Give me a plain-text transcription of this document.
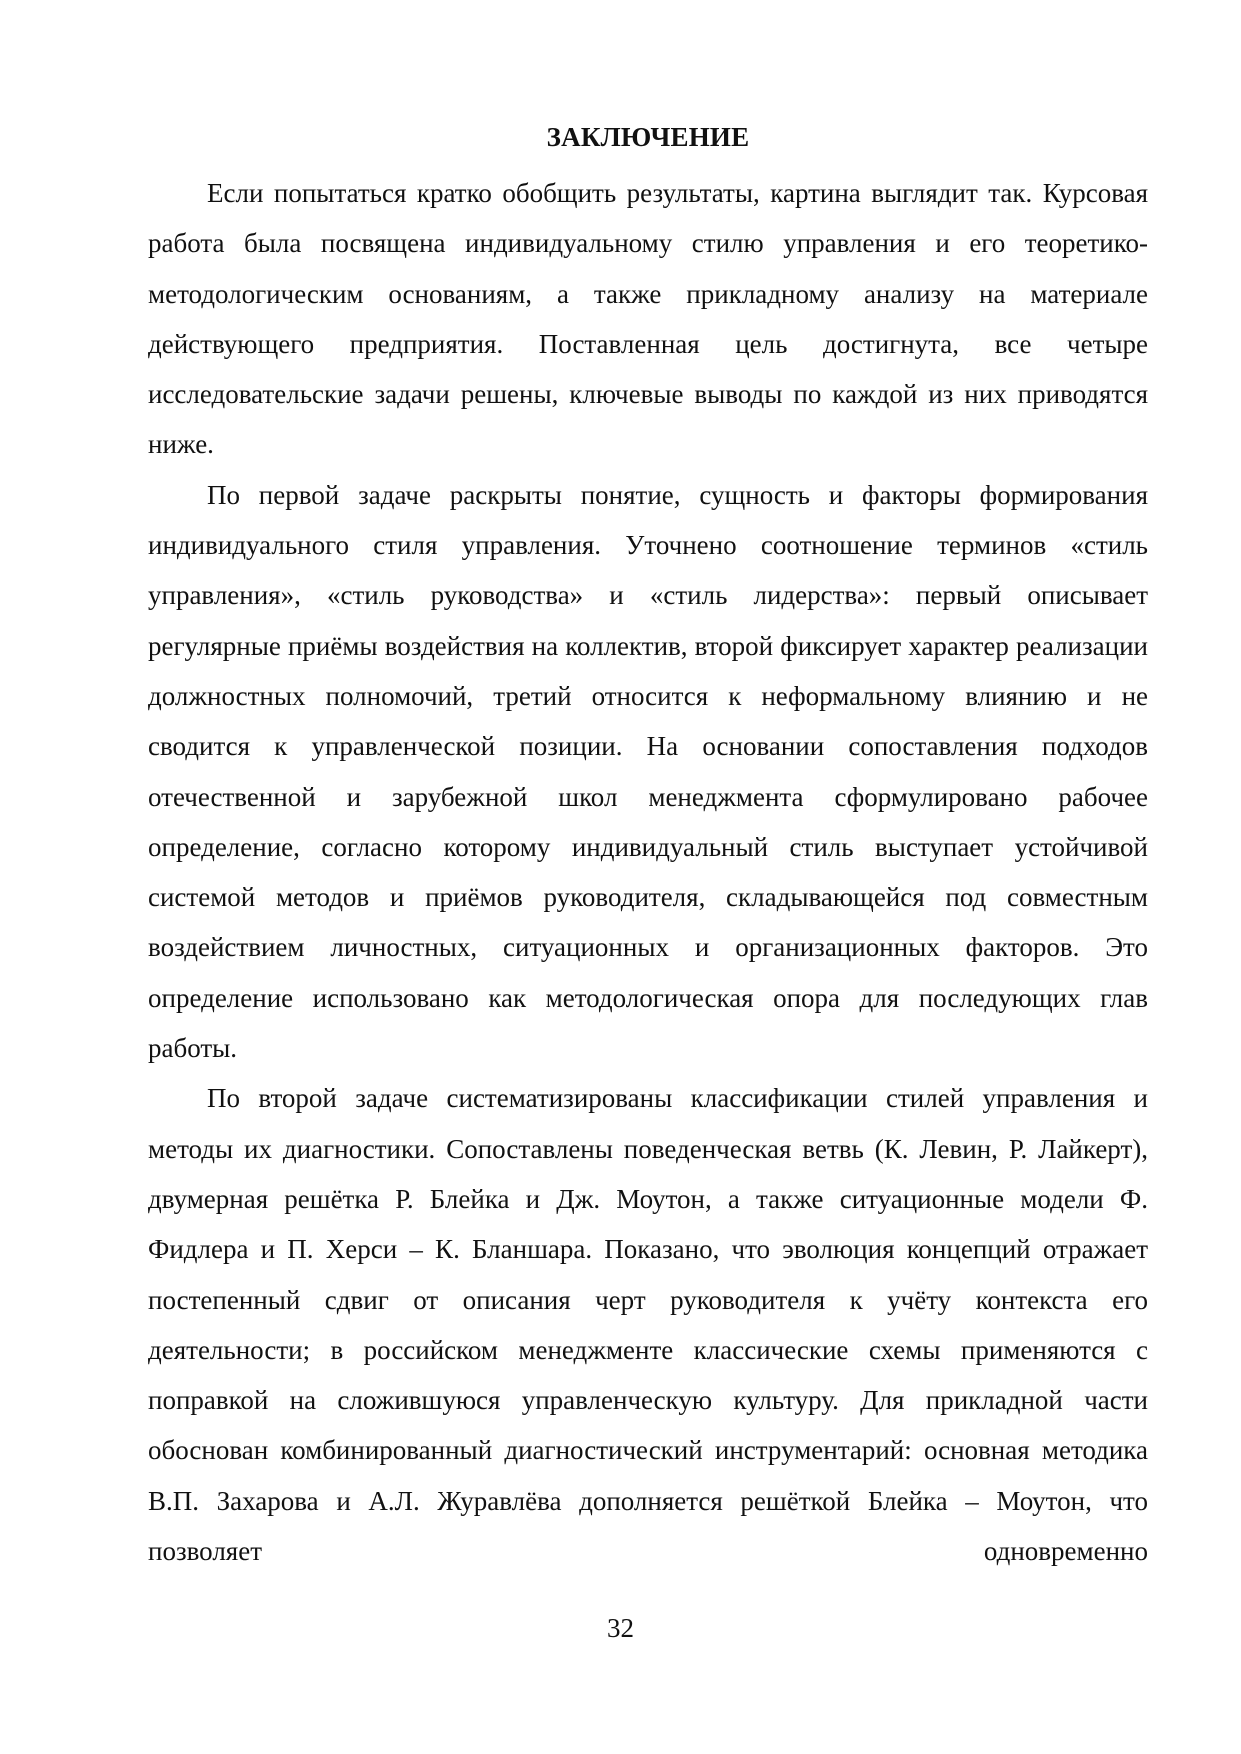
ЗАКЛЮЧЕНИЕ

Если попытаться кратко обобщить результаты, картина выглядит так. Курсовая работа была посвящена индивидуальному стилю управления и его теоретико-методологическим основаниям, а также прикладному анализу на материале действующего предприятия. Поставленная цель достигнута, все четыре исследовательские задачи решены, ключевые выводы по каждой из них приводятся ниже.

По первой задаче раскрыты понятие, сущность и факторы формирования индивидуального стиля управления. Уточнено соотношение терминов «стиль управления», «стиль руководства» и «стиль лидерства»: первый описывает регулярные приёмы воздействия на коллектив, второй фиксирует характер реализации должностных полномочий, третий относится к неформальному влиянию и не сводится к управленческой позиции. На основании сопоставления подходов отечественной и зарубежной школ менеджмента сформулировано рабочее определение, согласно которому индивидуальный стиль выступает устойчивой системой методов и приёмов руководителя, складывающейся под совместным воздействием личностных, ситуационных и организационных факторов. Это определение использовано как методологическая опора для последующих глав работы.

По второй задаче систематизированы классификации стилей управления и методы их диагностики. Сопоставлены поведенческая ветвь (К. Левин, Р. Лайкерт), двумерная решётка Р. Блейка и Дж. Моутон, а также ситуационные модели Ф. Фидлера и П. Херси – К. Бланшара. Показано, что эволюция концепций отражает постепенный сдвиг от описания черт руководителя к учёту контекста его деятельности; в российском менеджменте классические схемы применяются с поправкой на сложившуюся управленческую культуру. Для прикладной части обоснован комбинированный диагностический инструментарий: основная методика В.П. Захарова и А.Л. Журавлёва дополняется решёткой Блейка – Моутон, что позволяет одновременно

32
